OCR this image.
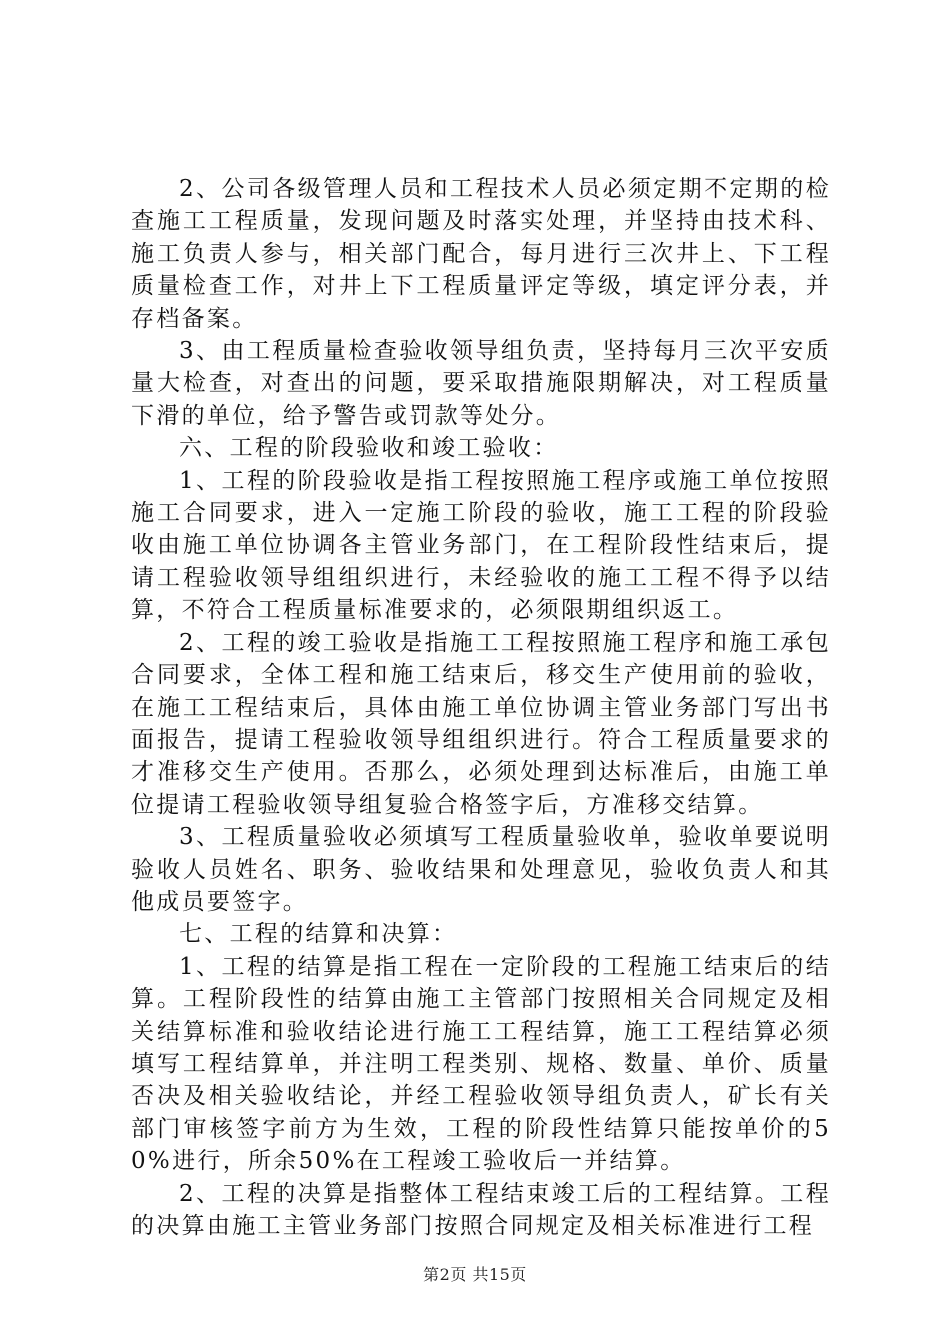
2、公司各级管理人员和工程技术人员必须定期不定期的检查施工工程质量，发现问题及时落实处理，并坚持由技术科、施工负责人参与，相关部门配合，每月进行三次井上、下工程质量检查工作，对井上下工程质量评定等级，填定评分表，并存档备案。

3、由工程质量检查验收领导组负责，坚持每月三次平安质量大检查，对查出的问题，要采取措施限期解决，对工程质量下滑的单位，给予警告或罚款等处分。

六、工程的阶段验收和竣工验收：

1、工程的阶段验收是指工程按照施工程序或施工单位按照施工合同要求，进入一定施工阶段的验收，施工工程的阶段验收由施工单位协调各主管业务部门，在工程阶段性结束后，提请工程验收领导组组织进行，未经验收的施工工程不得予以结算，不符合工程质量标准要求的，必须限期组织返工。

2、工程的竣工验收是指施工工程按照施工程序和施工承包合同要求，全体工程和施工结束后，移交生产使用前的验收，在施工工程结束后，具体由施工单位协调主管业务部门写出书面报告，提请工程验收领导组组织进行。符合工程质量要求的才准移交生产使用。否那么，必须处理到达标准后，由施工单位提请工程验收领导组复验合格签字后，方准移交结算。

3、工程质量验收必须填写工程质量验收单，验收单要说明验收人员姓名、职务、验收结果和处理意见，验收负责人和其他成员要签字。

七、工程的结算和决算：

1、工程的结算是指工程在一定阶段的工程施工结束后的结算。工程阶段性的结算由施工主管部门按照相关合同规定及相关结算标准和验收结论进行施工工程结算，施工工程结算必须填写工程结算单，并注明工程类别、规格、数量、单价、质量否决及相关验收结论，并经工程验收领导组负责人，矿长有关部门审核签字前方为生效，工程的阶段性结算只能按单价的50%进行，所余50%在工程竣工验收后一并结算。

2、工程的决算是指整体工程结束竣工后的工程结算。工程的决算由施工主管业务部门按照合同规定及相关标准进行工程

第2页 共15页
